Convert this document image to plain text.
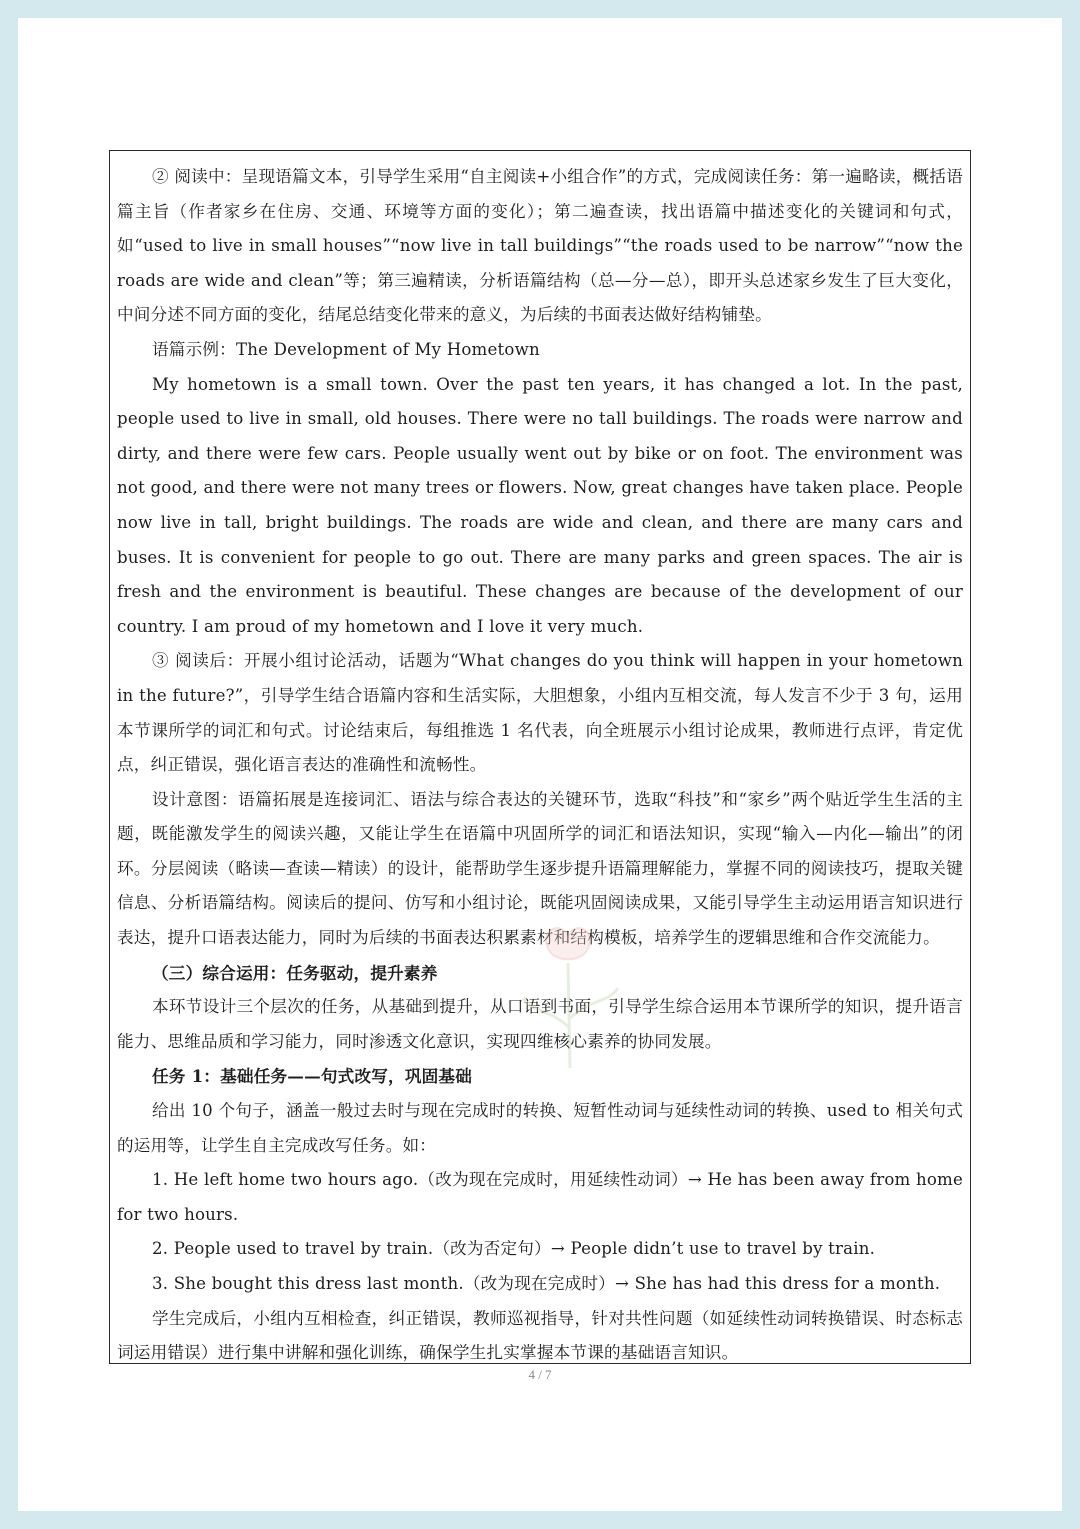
② 阅读中：呈现语篇文本，引导学生采用“自主阅读+小组合作”的方式，完成阅读任务：第一遍略读，概括语篇主旨（作者家乡在住房、交通、环境等方面的变化）；第二遍查读，找出语篇中描述变化的关键词和句式，如“used to live in small houses”“now live in tall buildings”“the roads used to be narrow”“now the roads are wide and clean”等；第三遍精读，分析语篇结构（总—分—总），即开头总述家乡发生了巨大变化，中间分述不同方面的变化，结尾总结变化带来的意义，为后续的书面表达做好结构铺垫。

语篇示例：The Development of My Hometown

My hometown is a small town. Over the past ten years, it has changed a lot. In the past, people used to live in small, old houses. There were no tall buildings. The roads were narrow and dirty, and there were few cars. People usually went out by bike or on foot. The environment was not good, and there were not many trees or flowers. Now, great changes have taken place. People now live in tall, bright buildings. The roads are wide and clean, and there are many cars and buses. It is convenient for people to go out. There are many parks and green spaces. The air is fresh and the environment is beautiful. These changes are because of the development of our country. I am proud of my hometown and I love it very much.

③ 阅读后：开展小组讨论活动，话题为“What changes do you think will happen in your hometown in the future?”，引导学生结合语篇内容和生活实际，大胆想象，小组内互相交流，每人发言不少于 3 句，运用本节课所学的词汇和句式。讨论结束后，每组推选 1 名代表，向全班展示小组讨论成果，教师进行点评，肯定优点，纠正错误，强化语言表达的准确性和流畅性。

设计意图：语篇拓展是连接词汇、语法与综合表达的关键环节，选取“科技”和“家乡”两个贴近学生生活的主题，既能激发学生的阅读兴趣，又能让学生在语篇中巩固所学的词汇和语法知识，实现“输入—内化—输出”的闭环。分层阅读（略读—查读—精读）的设计，能帮助学生逐步提升语篇理解能力，掌握不同的阅读技巧，提取关键信息、分析语篇结构。阅读后的提问、仿写和小组讨论，既能巩固阅读成果，又能引导学生主动运用语言知识进行表达，提升口语表达能力，同时为后续的书面表达积累素材和结构模板，培养学生的逻辑思维和合作交流能力。

（三）综合运用：任务驱动，提升素养

本环节设计三个层次的任务，从基础到提升，从口语到书面，引导学生综合运用本节课所学的知识，提升语言能力、思维品质和学习能力，同时渗透文化意识，实现四维核心素养的协同发展。

任务 1：基础任务——句式改写，巩固基础

给出 10 个句子，涵盖一般过去时与现在完成时的转换、短暂性动词与延续性动词的转换、used to 相关句式的运用等，让学生自主完成改写任务。如：

1. He left home two hours ago.（改为现在完成时，用延续性动词）→ He has been away from home for two hours.

2. People used to travel by train.（改为否定句）→ People didn’t use to travel by train.

3. She bought this dress last month.（改为现在完成时）→ She has had this dress for a month.

学生完成后，小组内互相检查，纠正错误，教师巡视指导，针对共性问题（如延续性动词转换错误、时态标志词运用错误）进行集中讲解和强化训练，确保学生扎实掌握本节课的基础语言知识。

4 / 7
